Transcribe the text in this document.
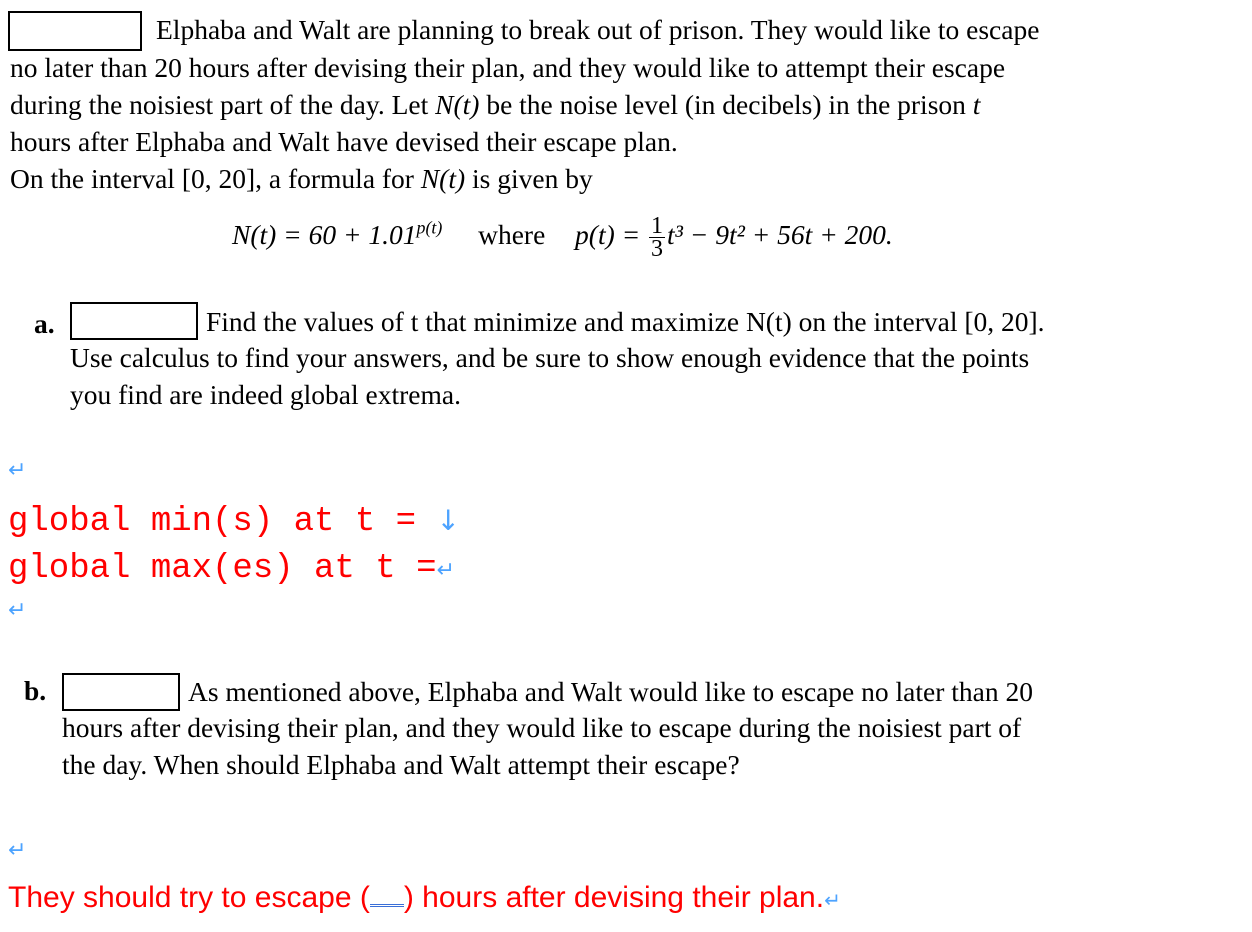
Elphaba and Walt are planning to break out of prison. They would like to escape
no later than 20 hours after devising their plan, and they would like to attempt their escape
during the noisiest part of the day. Let N(t) be the noise level (in decibels) in the prison t
hours after Elphaba and Walt have devised their escape plan.
On the interval [0, 20], a formula for N(t) is given by
$N(t) = 60 + 1.01^{p(t)}$ where $p(t) = \frac{1}{3} t^3 - 9t^2 + 56t + 200$.
a.	Find the values of t that minimize and maximize N(t) on the interval [0, 20].
Use calculus to find your answers, and be sure to show enough evidence that the points
you find are indeed global extrema.
↵
global min(s) at t = ↓
global max(es) at t =↵
↵
b.	As mentioned above, Elphaba and Walt would like to escape no later than 20
hours after devising their plan, and they would like to escape during the noisiest part of
the day. When should Elphaba and Walt attempt their escape?
↵
They should try to escape ( ) hours after devising their plan.↵
